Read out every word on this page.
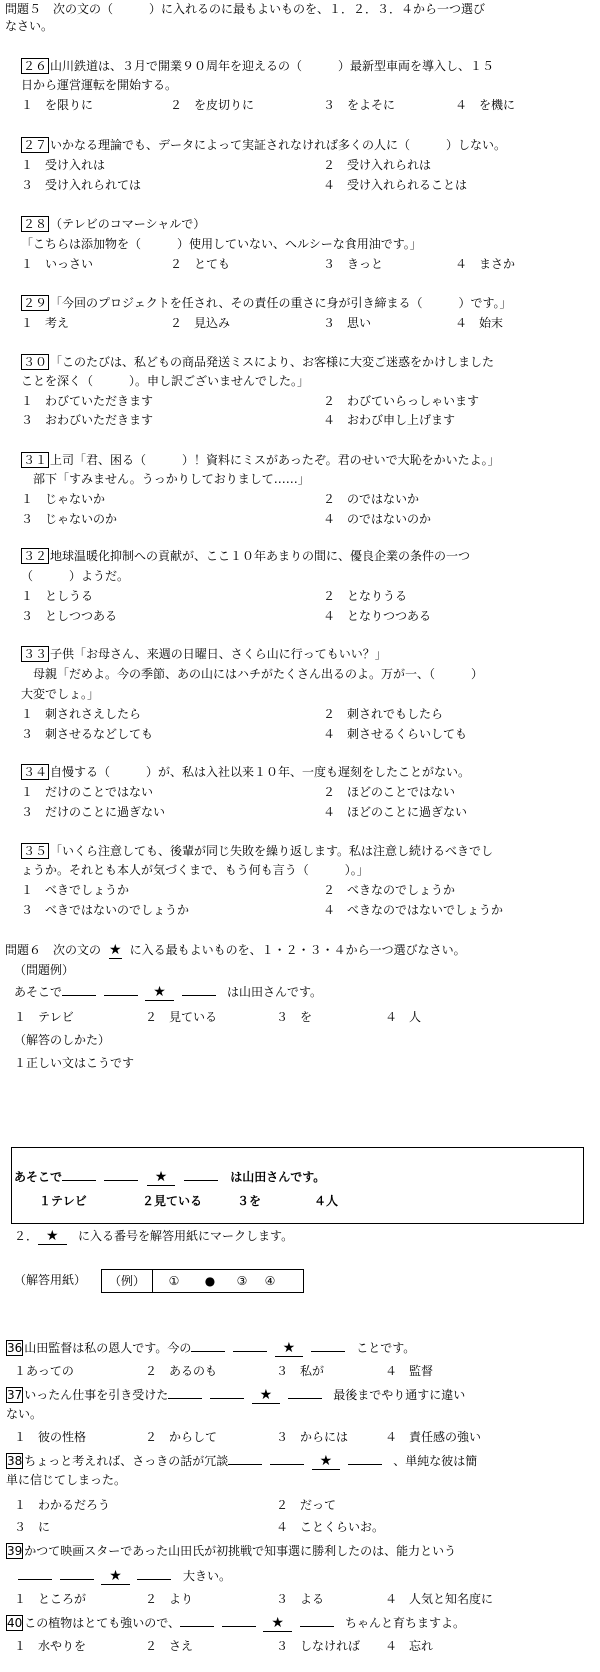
問題５　次の文の（　　　）に入れるのに最もよいものを、１．２．３．４から一つ選び
なさい。
２６ 山川鉄道は、３月で開業９０周年を迎えるの（　　　）最新型車両を導入し、１５
日から運営運転を開始する。
１　を限りに	２　を皮切りに	３　をよそに	４　を機に
２７ いかなる理論でも、データによって実証されなければ多くの人に（　　　）しない。
１　受け入れは	２　受け入れられは
３　受け入れられては	４　受け入れられることは
２８ （テレビのコマーシャルで）
「こちらは添加物を（　　　）使用していない、ヘルシーな食用油です。」
１　いっさい	２　とても	３　きっと	４　まさか
２９ 「今回のプロジェクトを任され、その責任の重さに身が引き締まる（　　　）です。」
１　考え	２　見込み	３　思い	４　始末
３０ 「このたびは、私どもの商品発送ミスにより、お客様に大変ご迷惑をかけしました
ことを深く（　　　）。申し訳ございませんでした。」
１　わびていただきます	２　わびていらっしゃいます
３　おわびいただきます	４　おわび申し上げます
３１ 上司「君、困る（　　　）！資料にミスがあったぞ。君のせいで大恥をかいたよ。」
　部下「すみません。うっかりしておりまして……」
１　じゃないか	２　のではないか
３　じゃないのか	４　のではないのか
３２ 地球温暖化抑制への貢献が、ここ１０年あまりの間に、優良企業の条件の一つ
（　　　）ようだ。
１　としうる	２　となりうる
３　としつつある	４　となりつつある
３３ 子供「お母さん、来週の日曜日、さくら山に行ってもいい？」
　母親「だめよ。今の季節、あの山にはハチがたくさん出るのよ。万が一、（　　　）
大変でしょ。」
１　刺されさえしたら	２　刺されでもしたら
３　刺させるなどしても	４　刺させるくらいしても
３４ 自慢する（　　　）が、私は入社以来１０年、一度も遅刻をしたことがない。
１　だけのことではない	２　ほどのことではない
３　だけのことに過ぎない	４　ほどのことに過ぎない
３５ 「いくら注意しても、後輩が同じ失敗を繰り返します。私は注意し続けるべきでし
ょうか。それとも本人が気づくまで、もう何も言う（　　　）。」
１　べきでしょうか	２　べきなのでしょうか
３　べきではないのでしょうか	４　べきなのではないでしょうか
問題６　次の文の ★ に入る最もよいものを、１・２・３・４から一つ選びなさい。
（問題例）
あそこで	★	は山田さんです。
１　テレビ	２　見ている	３　を	４　人
（解答のしかた）
１正しい文はこうです
あそこで	★	は山田さんです。
１テレビ	２見ている	３を	４人
２． ★ に入る番号を解答用紙にマークします。
（解答用紙）	（例）	①	●	③	④
36 山田監督は私の恩人です。今の	★	ことです。
１あっての	２　あるのも	３　私が	４　監督
37 いったん仕事を引き受けた	★	最後までやり通すに違い
ない。
１　彼の性格	２　からして	３　からには	４　責任感の強い
38 ちょっと考えれば、さっきの話が冗談	★	、単純な彼は簡
単に信じてしまった。
１　わかるだろう	２　だって
３　に	４　ことくらいお。
39 かつて映画スターであった山田氏が初挑戦で知事選に勝利したのは、能力という
★	大きい。
１　ところが	２　より	３　よる	４　人気と知名度に
40 この植物はとても強いので、	★	ちゃんと育ちますよ。
１　水やりを	２　さえ	３　しなければ ４　忘れ
